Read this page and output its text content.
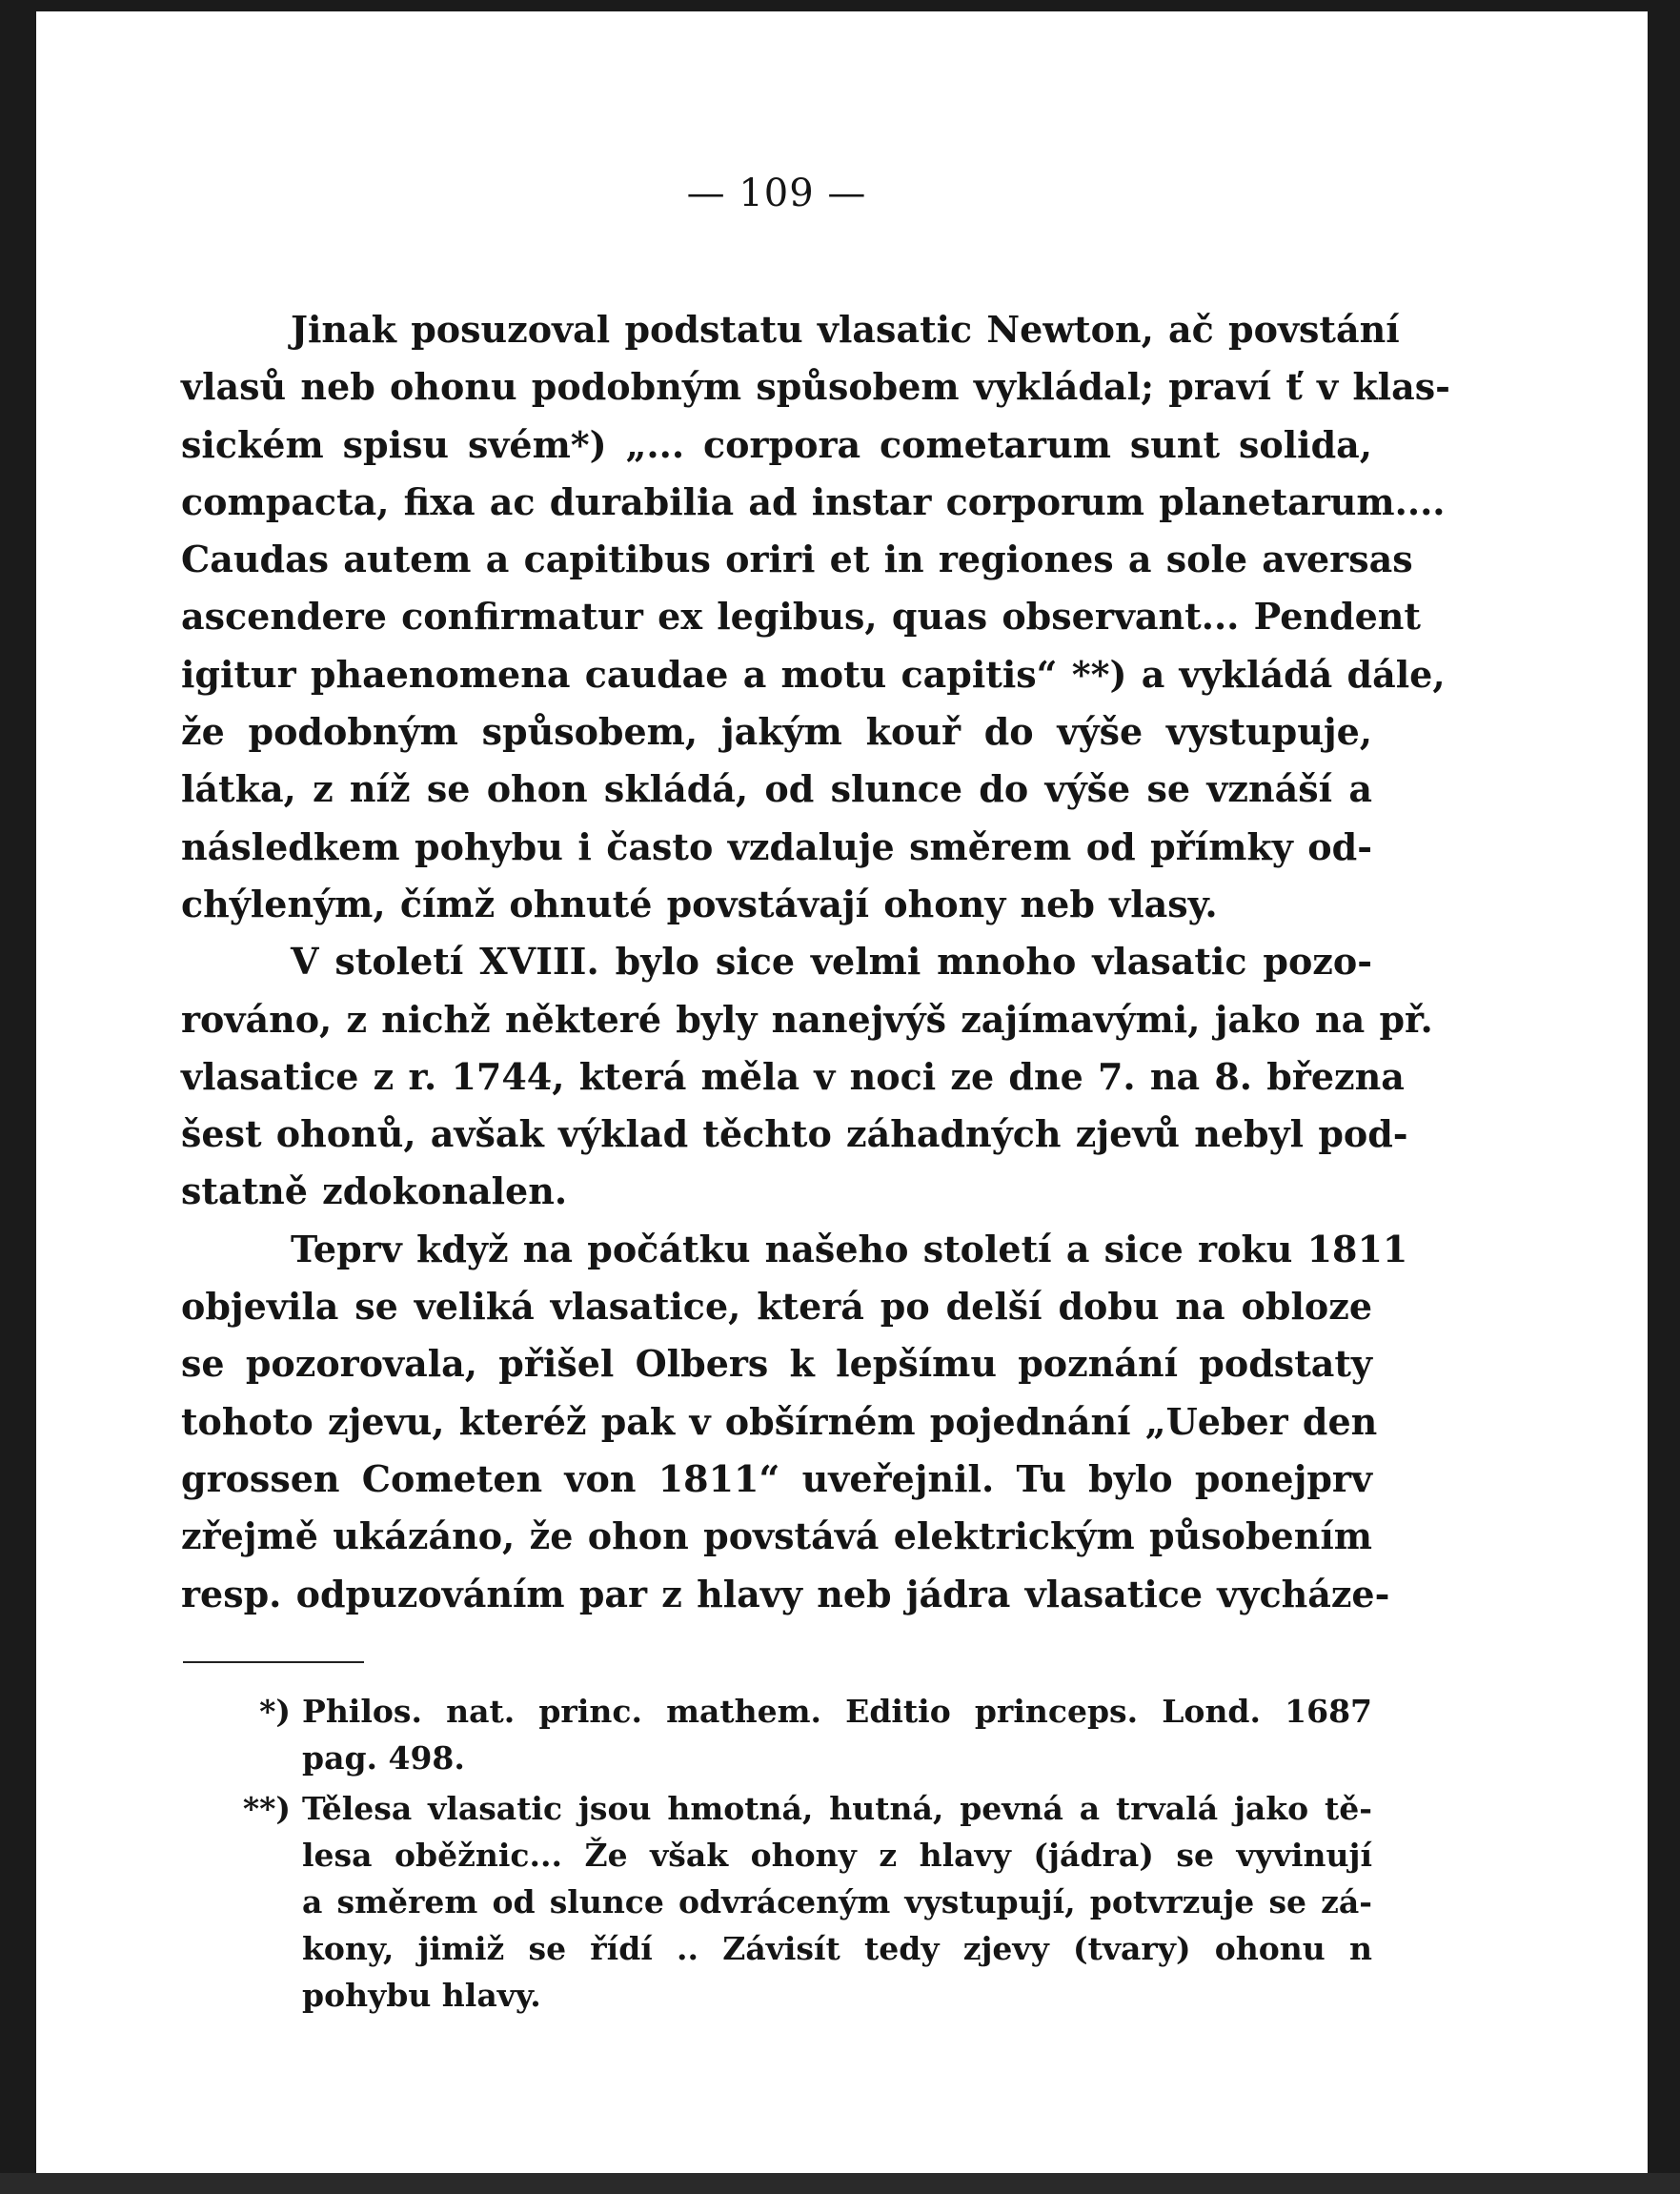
— 109 —

Jinak posuzoval podstatu vlasatic Newton, ač povstání
vlasů neb ohonu podobným spůsobem vykládal; praví ť v klas-
sickém spisu svém*) „... corpora cometarum sunt solida,
compacta, fixa ac durabilia ad instar corporum planetarum....
Caudas autem a capitibus oriri et in regiones a sole aversas
ascendere confirmatur ex legibus, quas observant... Pendent
igitur phaenomena caudae a motu capitis“ **) a vykládá dále,
že podobným spůsobem, jakým kouř do výše vystupuje,
látka, z níž se ohon skládá, od slunce do výše se vznáší a
následkem pohybu i často vzdaluje směrem od přímky od-
chýleným, čímž ohnuté povstávají ohony neb vlasy.

V století XVIII. bylo sice velmi mnoho vlasatic pozo-
rováno, z nichž některé byly nanejvýš zajímavými, jako na př.
vlasatice z r. 1744, která měla v noci ze dne 7. na 8. března
šest ohonů, avšak výklad těchto záhadných zjevů nebyl pod-
statně zdokonalen.

Teprv když na počátku našeho století a sice roku 1811
objevila se veliká vlasatice, která po delší dobu na obloze
se pozorovala, přišel Olbers k lepšímu poznání podstaty
tohoto zjevu, kteréž pak v obšírném pojednání „Ueber den
grossen Cometen von 1811“ uveřejnil. Tu bylo ponejprv
zřejmě ukázáno, že ohon povstává elektrickým působením
resp. odpuzováním par z hlavy neb jádra vlasatice vycháze-

*) Philos. nat. princ. mathem. Editio princeps. Lond. 1687
pag. 498.
**) Tělesa vlasatic jsou hmotná, hutná, pevná a trvalá jako tě-
lesa oběžnic... Že však ohony z hlavy (jádra) se vyvinují
a směrem od slunce odvráceným vystupují, potvrzuje se zá-
kony, jimiž se řídí .. Závisít tedy zjevy (tvary) ohonu n
pohybu hlavy.
